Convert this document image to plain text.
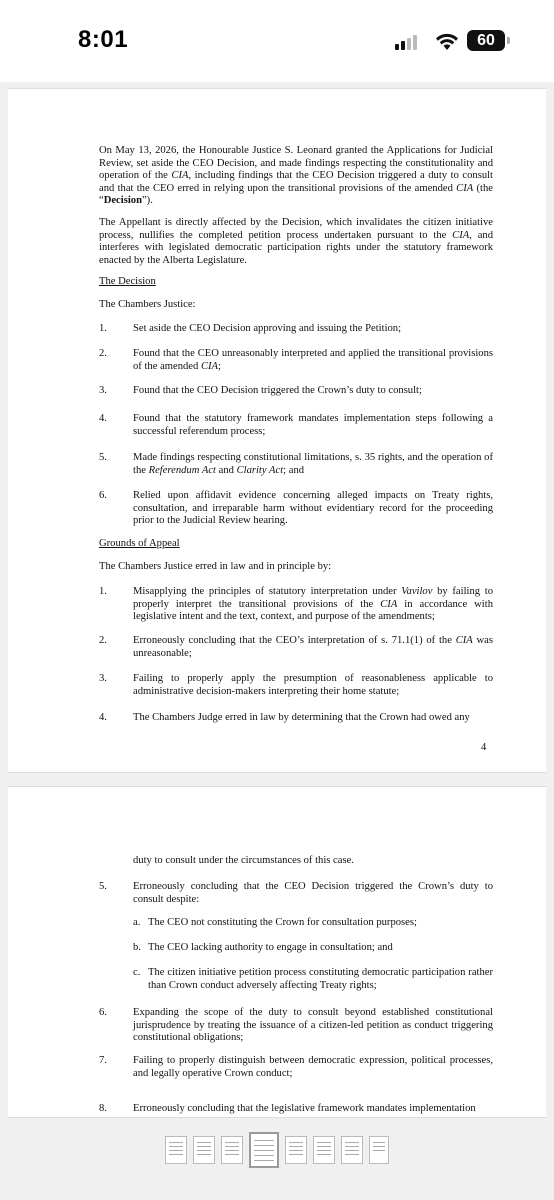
8:01	60
On May 13, 2026, the Honourable Justice S. Leonard granted the Applications for Judicial Review, set aside the CEO Decision, and made findings respecting the constitutionality and operation of the CIA, including findings that the CEO Decision triggered a duty to consult and that the CEO erred in relying upon the transitional provisions of the amended CIA (the “Decision”).
The Appellant is directly affected by the Decision, which invalidates the citizen initiative process, nullifies the completed petition process undertaken pursuant to the CIA, and interferes with legislated democratic participation rights under the statutory framework enacted by the Alberta Legislature.
The Decision
The Chambers Justice:
1. Set aside the CEO Decision approving and issuing the Petition;
2. Found that the CEO unreasonably interpreted and applied the transitional provisions of the amended CIA;
3. Found that the CEO Decision triggered the Crown’s duty to consult;
4. Found that the statutory framework mandates implementation steps following a successful referendum process;
5. Made findings respecting constitutional limitations, s. 35 rights, and the operation of the Referendum Act and Clarity Act; and
6. Relied upon affidavit evidence concerning alleged impacts on Treaty rights, consultation, and irreparable harm without evidentiary record for the proceeding prior to the Judicial Review hearing.
Grounds of Appeal
The Chambers Justice erred in law and in principle by:
1. Misapplying the principles of statutory interpretation under Vavilov by failing to properly interpret the transitional provisions of the CIA in accordance with legislative intent and the text, context, and purpose of the amendments;
2. Erroneously concluding that the CEO’s interpretation of s. 71.1(1) of the CIA was unreasonable;
3. Failing to properly apply the presumption of reasonableness applicable to administrative decision-makers interpreting their home statute;
4. The Chambers Judge erred in law by determining that the Crown had owed any
4
duty to consult under the circumstances of this case.
5. Erroneously concluding that the CEO Decision triggered the Crown’s duty to consult despite:
a. The CEO not constituting the Crown for consultation purposes;
b. The CEO lacking authority to engage in consultation; and
c. The citizen initiative petition process constituting democratic participation rather than Crown conduct adversely affecting Treaty rights;
6. Expanding the scope of the duty to consult beyond established constitutional jurisprudence by treating the issuance of a citizen-led petition as conduct triggering constitutional obligations;
7. Failing to properly distinguish between democratic expression, political processes, and legally operative Crown conduct;
8. Erroneously concluding that the legislative framework mandates implementation
